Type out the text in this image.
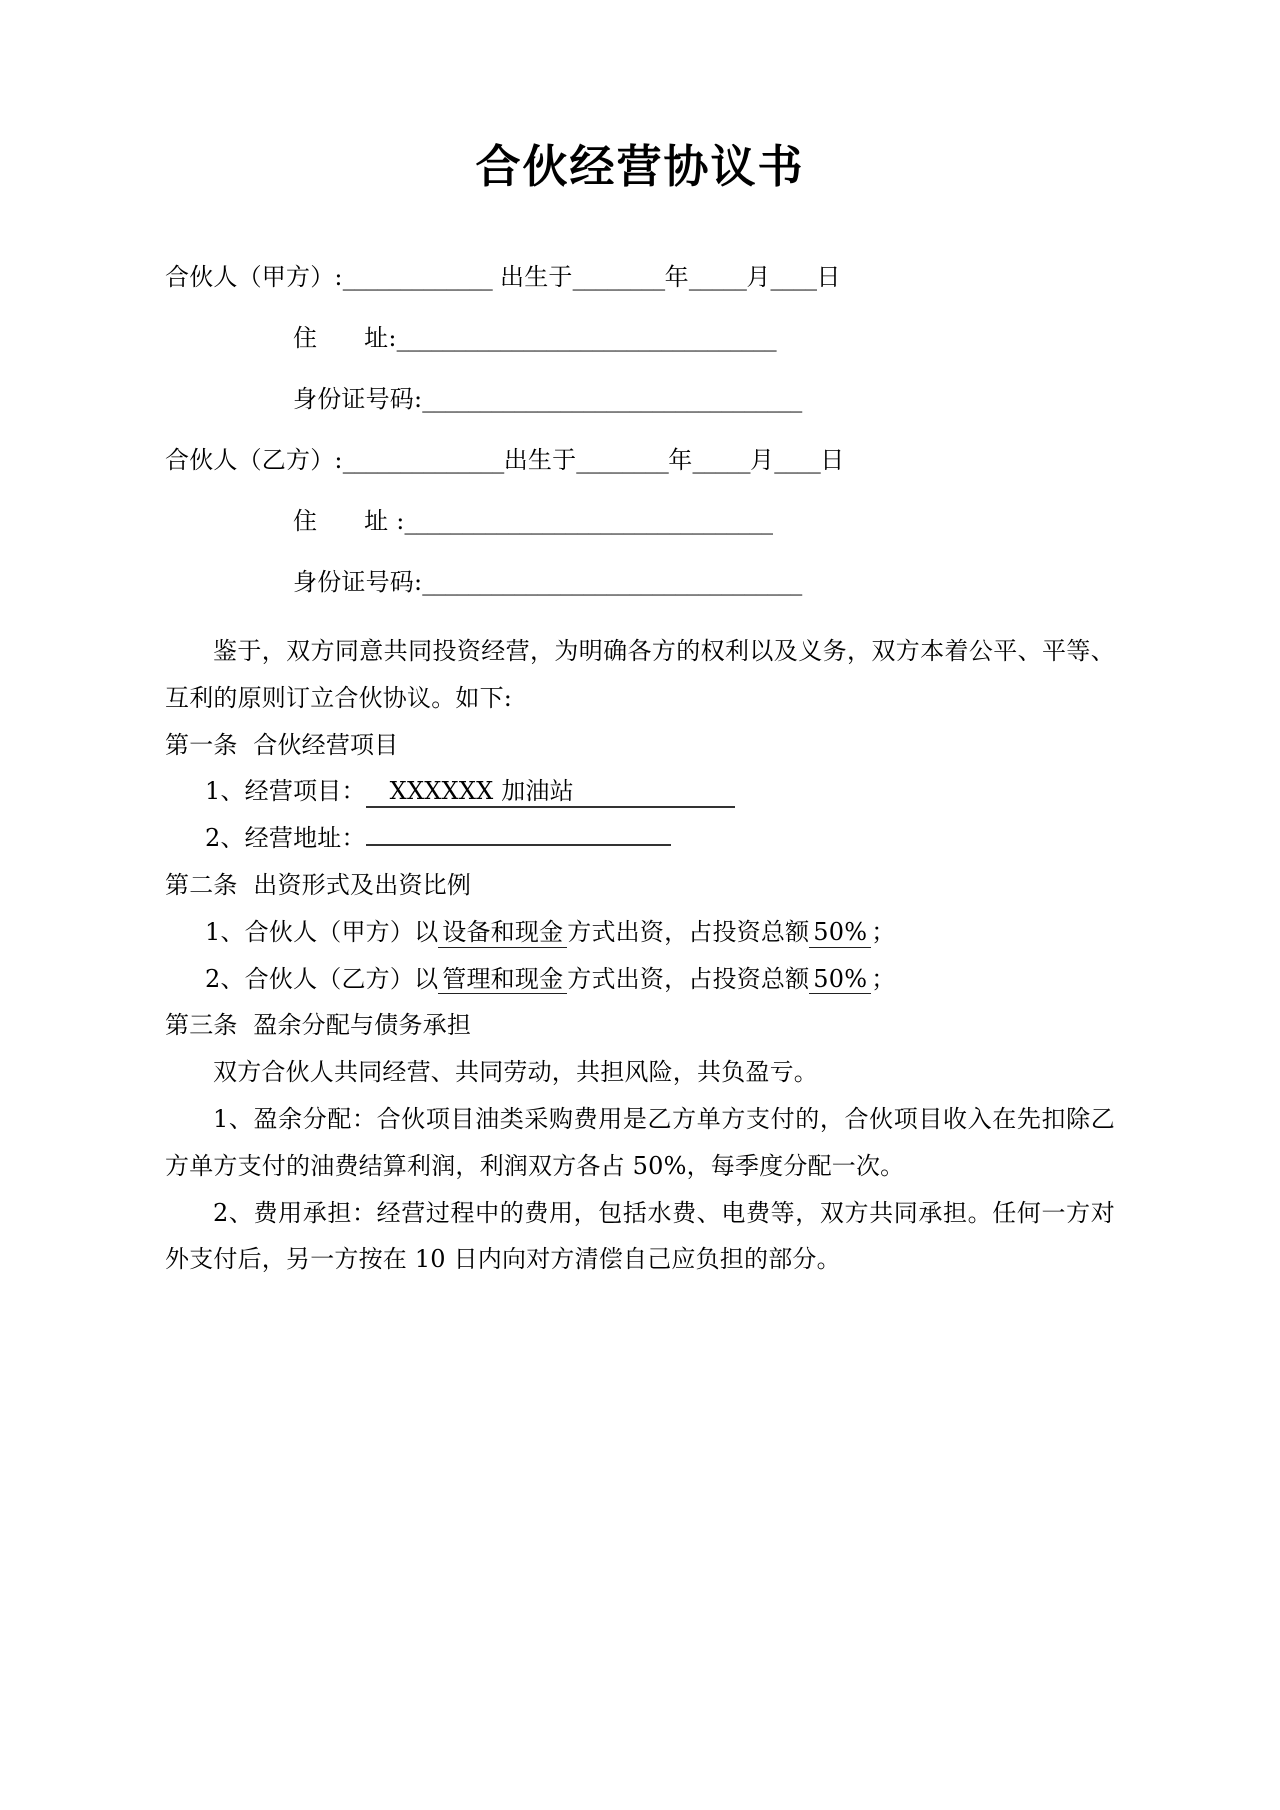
合伙经营协议书
合伙人（甲方）:_____________ 出生于________年_____月____日
住      址:_________________________________
身份证号码:_________________________________
合伙人（乙方）:______________出生于________年_____月____日
住      址 :________________________________
身份证号码:_________________________________

鉴于，双方同意共同投资经营，为明确各方的权利以及义务，双方本着公平、平等、互利的原则订立合伙协议。如下:

第一条  合伙经营项目
1、经营项目： XXXXXX 加油站
2、经营地址：
第二条  出资形式及出资比例
1、合伙人（甲方）以 设备和现金 方式出资，占投资总额 50% ；
2、合伙人（乙方）以 管理和现金 方式出资，占投资总额 50% ；
第三条  盈余分配与债务承担

双方合伙人共同经营、共同劳动，共担风险，共负盈亏。

1、盈余分配：合伙项目油类采购费用是乙方单方支付的，合伙项目收入在先扣除乙方单方支付的油费结算利润，利润双方各占 50%，每季度分配一次。

2、费用承担：经营过程中的费用，包括水费、电费等，双方共同承担。任何一方对外支付后，另一方按在 10 日内向对方清偿自己应负担的部分。
